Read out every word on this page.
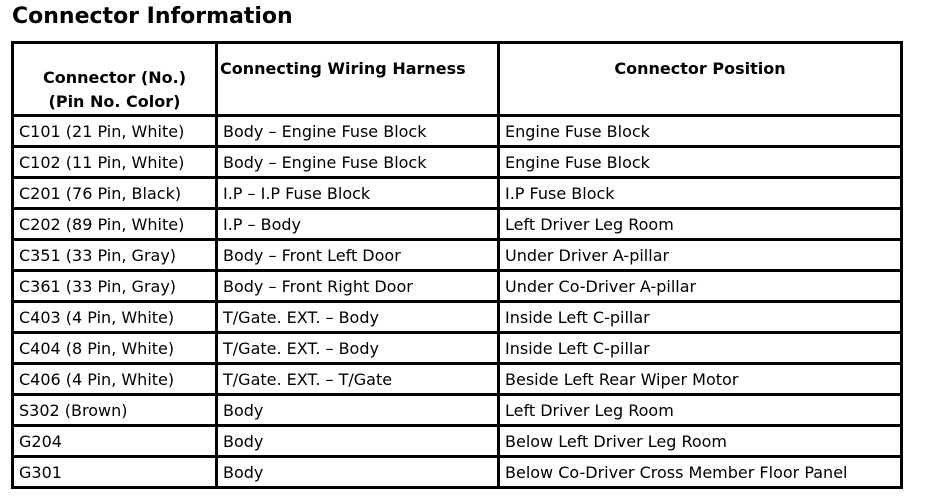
Connector Information
Connector (No.)
(Pin No. Color)	Connecting Wiring Harness	Connector Position
C101 (21 Pin, White)	Body – Engine Fuse Block	Engine Fuse Block
C102 (11 Pin, White)	Body – Engine Fuse Block	Engine Fuse Block
C201 (76 Pin, Black)	I.P – I.P Fuse Block	I.P Fuse Block
C202 (89 Pin, White)	I.P – Body	Left Driver Leg Room
C351 (33 Pin, Gray)	Body – Front Left Door	Under Driver A-pillar
C361 (33 Pin, Gray)	Body – Front Right Door	Under Co-Driver A-pillar
C403 (4 Pin, White)	T/Gate. EXT. – Body	Inside Left C-pillar
C404 (8 Pin, White)	T/Gate. EXT. – Body	Inside Left C-pillar
C406 (4 Pin, White)	T/Gate. EXT. – T/Gate	Beside Left Rear Wiper Motor
S302 (Brown)	Body	Left Driver Leg Room
G204	Body	Below Left Driver Leg Room
G301	Body	Below Co-Driver Cross Member Floor Panel
